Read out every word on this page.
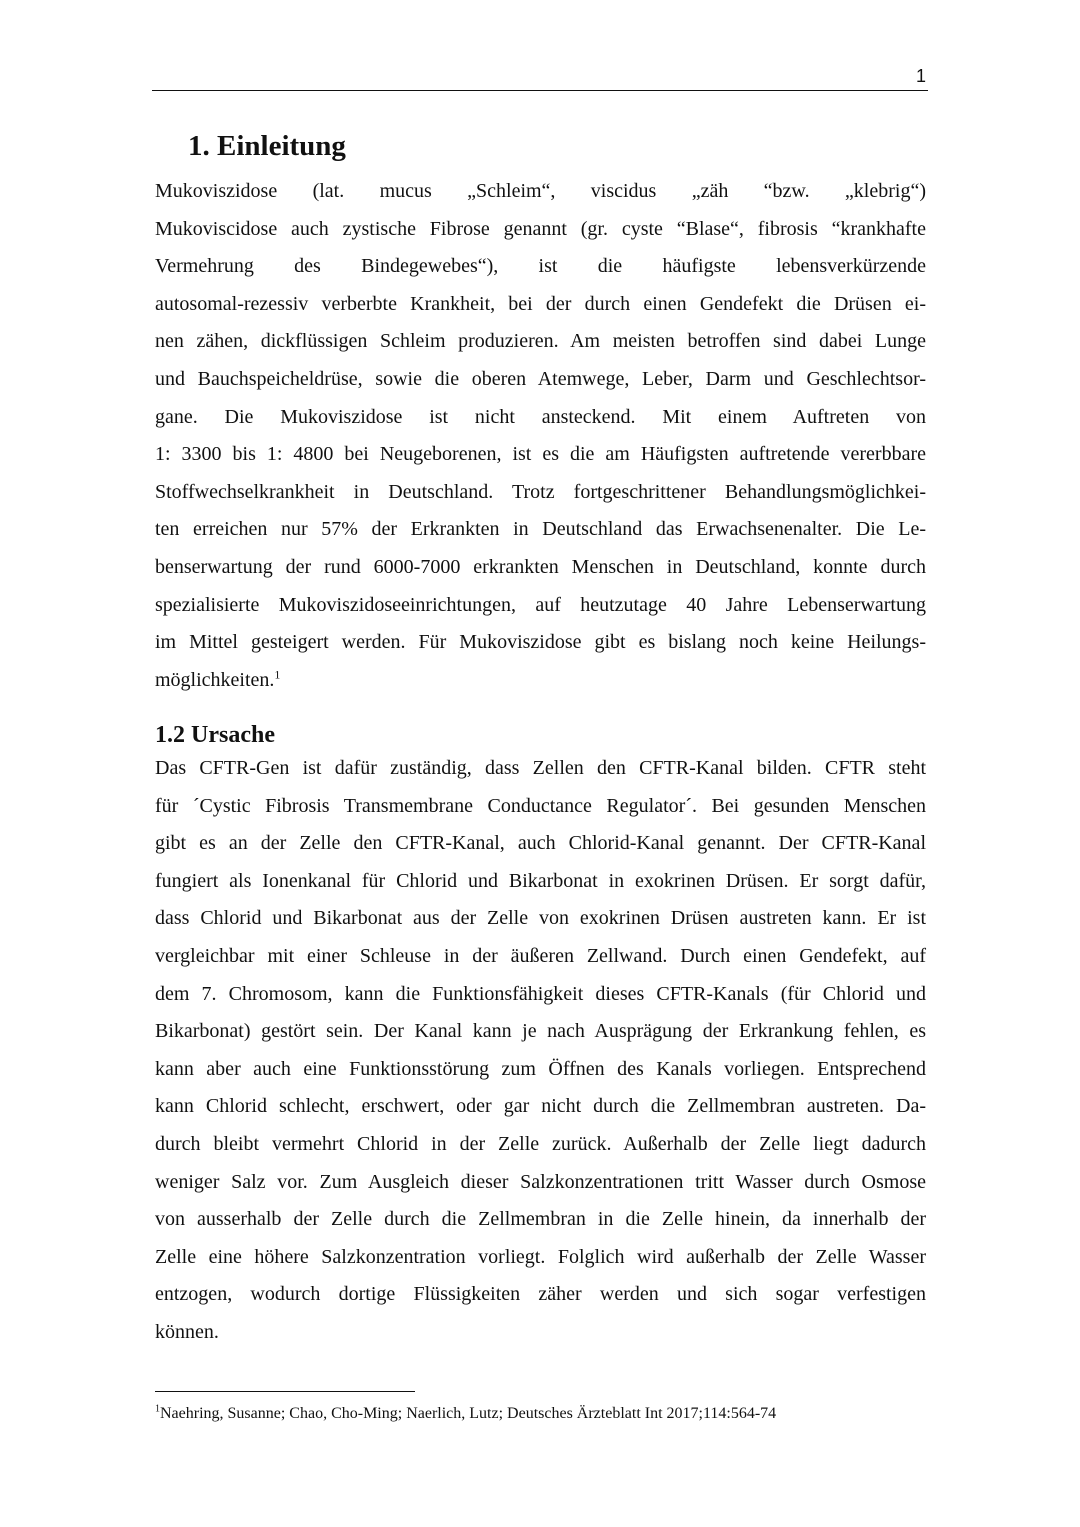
1
1. Einleitung
Mukoviszidose (lat. mucus „Schleim“, viscidus „zäh “bzw. „klebrig“)
Mukoviscidose auch zystische Fibrose genannt (gr. cyste “Blase“, fibrosis “krankhafte
Vermehrung des Bindegewebes“), ist die häufigste lebensverkürzende
autosomal-rezessiv verberbte Krankheit, bei der durch einen Gendefekt die Drüsen ei-
nen zähen, dickflüssigen Schleim produzieren. Am meisten betroffen sind dabei Lunge
und Bauchspeicheldrüse, sowie die oberen Atemwege, Leber, Darm und Geschlechtsor-
gane. Die Mukoviszidose ist nicht ansteckend. Mit einem Auftreten von
1: 3300 bis 1: 4800 bei Neugeborenen, ist es die am Häufigsten auftretende vererbbare
Stoffwechselkrankheit in Deutschland. Trotz fortgeschrittener Behandlungsmöglichkei-
ten erreichen nur 57% der Erkrankten in Deutschland das Erwachsenenalter. Die Le-
benserwartung der rund 6000-7000 erkrankten Menschen in Deutschland, konnte durch
spezialisierte Mukoviszidoseeinrichtungen, auf heutzutage 40 Jahre Lebenserwartung
im Mittel gesteigert werden. Für Mukoviszidose gibt es bislang noch keine Heilungs-
möglichkeiten.$^1$
1.2 Ursache
Das CFTR-Gen ist dafür zuständig, dass Zellen den CFTR-Kanal bilden. CFTR steht
für ´Cystic Fibrosis Transmembrane Conductance Regulator´. Bei gesunden Menschen
gibt es an der Zelle den CFTR-Kanal, auch Chlorid-Kanal genannt. Der CFTR-Kanal
fungiert als Ionenkanal für Chlorid und Bikarbonat in exokrinen Drüsen. Er sorgt dafür,
dass Chlorid und Bikarbonat aus der Zelle von exokrinen Drüsen austreten kann. Er ist
vergleichbar mit einer Schleuse in der äußeren Zellwand. Durch einen Gendefekt, auf
dem 7. Chromosom, kann die Funktionsfähigkeit dieses CFTR-Kanals (für Chlorid und
Bikarbonat) gestört sein. Der Kanal kann je nach Ausprägung der Erkrankung fehlen, es
kann aber auch eine Funktionsstörung zum Öffnen des Kanals vorliegen. Entsprechend
kann Chlorid schlecht, erschwert, oder gar nicht durch die Zellmembran austreten. Da-
durch bleibt vermehrt Chlorid in der Zelle zurück. Außerhalb der Zelle liegt dadurch
weniger Salz vor. Zum Ausgleich dieser Salzkonzentrationen tritt Wasser durch Osmose
von ausserhalb der Zelle durch die Zellmembran in die Zelle hinein, da innerhalb der
Zelle eine höhere Salzkonzentration vorliegt. Folglich wird außerhalb der Zelle Wasser
entzogen, wodurch dortige Flüssigkeiten zäher werden und sich sogar verfestigen
können.

$^1$Naehring, Susanne; Chao, Cho-Ming; Naerlich, Lutz; Deutsches Ärzteblatt Int 2017;114:564-74
